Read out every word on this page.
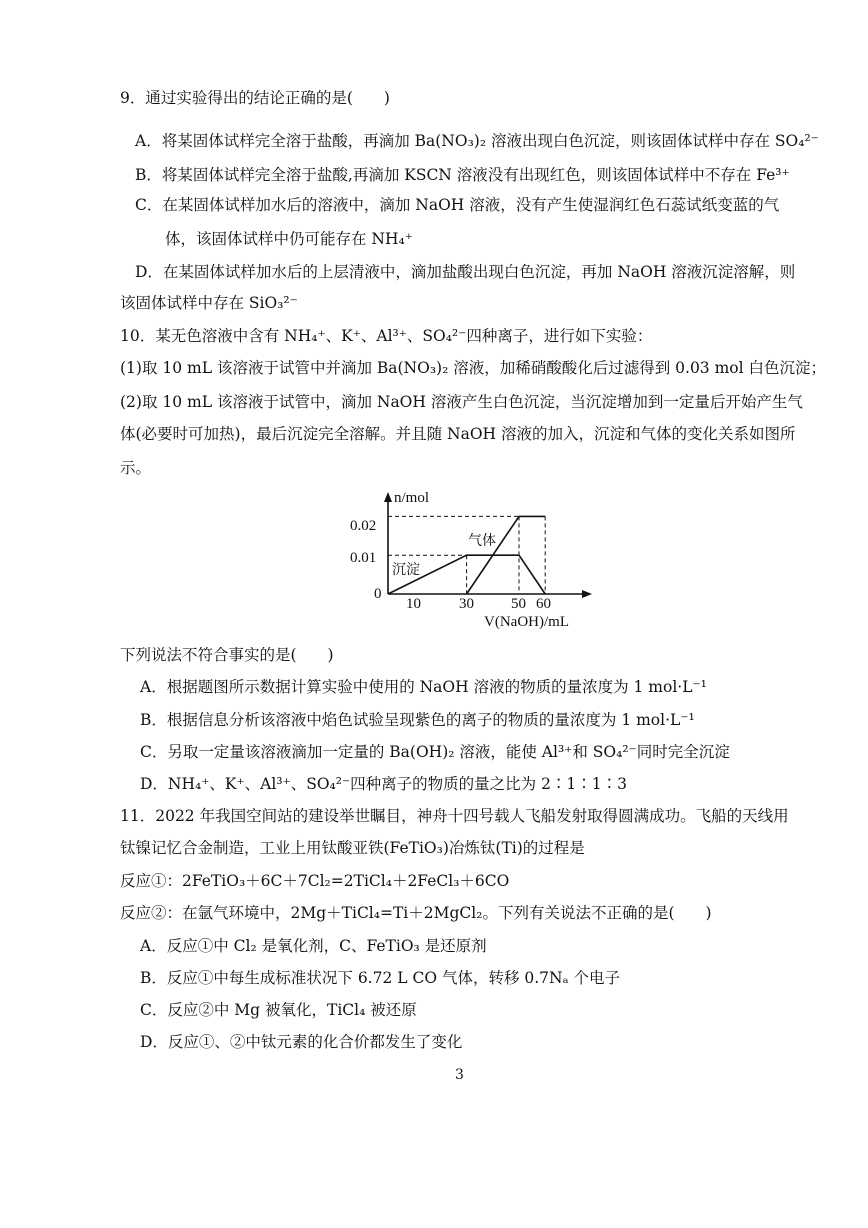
9．通过实验得出的结论正确的是(　　)
A．将某固体试样完全溶于盐酸，再滴加 Ba(NO₃)₂ 溶液出现白色沉淀，则该固体试样中存在 SO₄²⁻
B．将某固体试样完全溶于盐酸,再滴加 KSCN 溶液没有出现红色，则该固体试样中不存在 Fe³⁺
C．在某固体试样加水后的溶液中，滴加 NaOH 溶液，没有产生使湿润红色石蕊试纸变蓝的气
体，该固体试样中仍可能存在 NH₄⁺
D．在某固体试样加水后的上层清液中，滴加盐酸出现白色沉淀，再加 NaOH 溶液沉淀溶解，则
该固体试样中存在 SiO₃²⁻
10．某无色溶液中含有 NH₄⁺、K⁺、Al³⁺、SO₄²⁻四种离子，进行如下实验：
(1)取 10 mL 该溶液于试管中并滴加 Ba(NO₃)₂ 溶液，加稀硝酸酸化后过滤得到 0.03 mol 白色沉淀；
(2)取 10 mL 该溶液于试管中，滴加 NaOH 溶液产生白色沉淀，当沉淀增加到一定量后开始产生气
体(必要时可加热)，最后沉淀完全溶解。并且随 NaOH 溶液的加入，沉淀和气体的变化关系如图所
示。
n/mol
0.02
0.01
0
10	30 50 60
V(NaOH)/mL
气体
沉淀
下列说法不符合事实的是(　　)
A．根据题图所示数据计算实验中使用的 NaOH 溶液的物质的量浓度为 1 mol·L⁻¹
B．根据信息分析该溶液中焰色试验呈现紫色的离子的物质的量浓度为 1 mol·L⁻¹
C．另取一定量该溶液滴加一定量的 Ba(OH)₂ 溶液，能使 Al³⁺和 SO₄²⁻同时完全沉淀
D．NH₄⁺、K⁺、Al³⁺、SO₄²⁻四种离子的物质的量之比为 2∶1∶1∶3
11．2022 年我国空间站的建设举世瞩目，神舟十四号载人飞船发射取得圆满成功。飞船的天线用
钛镍记忆合金制造，工业上用钛酸亚铁(FeTiO₃)冶炼钛(Ti)的过程是
反应①：2FeTiO₃＋6C＋7Cl₂=2TiCl₄＋2FeCl₃＋6CO
反应②：在氩气环境中，2Mg＋TiCl₄=Ti＋2MgCl₂。下列有关说法不正确的是(　　)
A．反应①中 Cl₂ 是氧化剂，C、FeTiO₃ 是还原剂
B．反应①中每生成标准状况下 6.72 L CO 气体，转移 0.7Nₐ 个电子
C．反应②中 Mg 被氧化，TiCl₄ 被还原
D．反应①、②中钛元素的化合价都发生了变化
3
